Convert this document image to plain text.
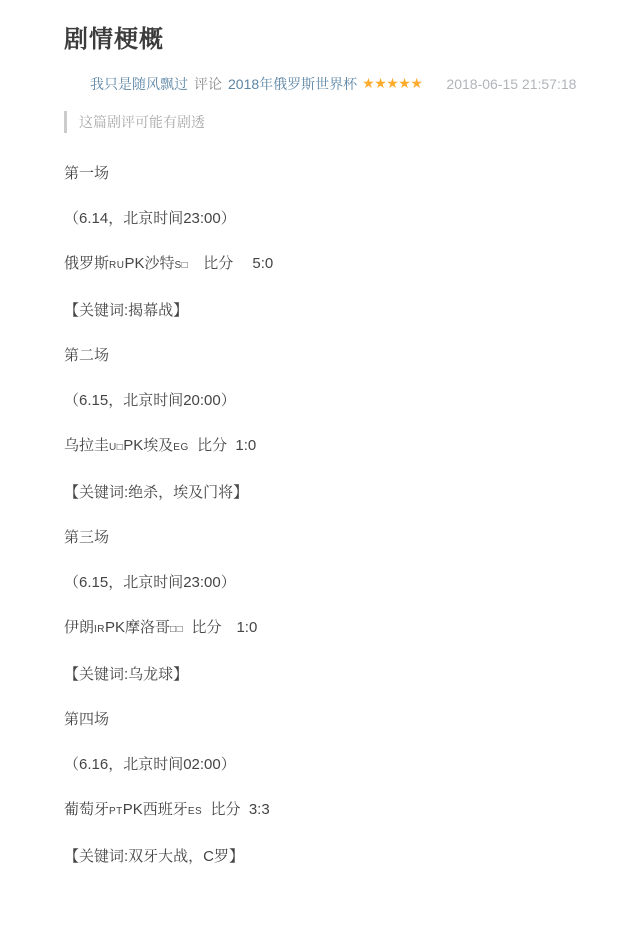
剧情梗概

我只是随风飘过 评论 2018年俄罗斯世界杯 ★★★★★ 2018-06-15 21:57:18
这篇剧评可能有剧透

第一场

（6.14，北京时间23:00）

俄罗斯RUPK沙特S□　比分　 5:0

【关键词:揭幕战】

第二场

（6.15，北京时间20:00）

乌拉圭U□PK埃及EG  比分  1:0

【关键词:绝杀，埃及门将】

第三场

（6.15，北京时间23:00）

伊朗IRPK摩洛哥□□  比分　1:0

【关键词:乌龙球】

第四场

（6.16，北京时间02:00）

葡萄牙PTPK西班牙ES  比分  3:3

【关键词:双牙大战，C罗】
